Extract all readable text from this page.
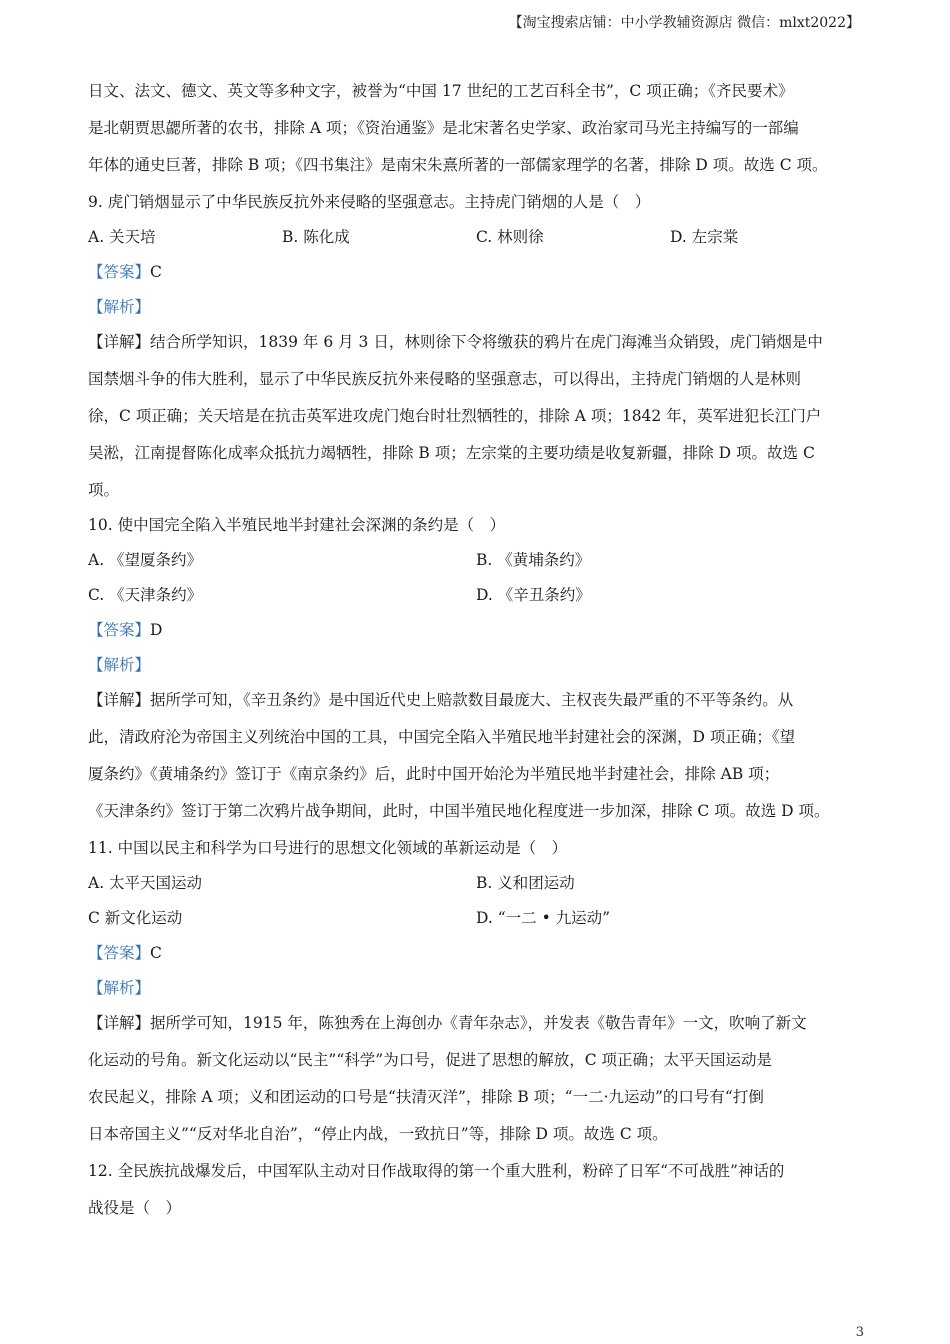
【淘宝搜索店铺：中小学教辅资源店 微信：mlxt2022】
日文、法文、德文、英文等多种文字，被誉为“中国 17 世纪的工艺百科全书”，C 项正确；《齐民要术》
是北朝贾思勰所著的农书，排除 A 项；《资治通鉴》是北宋著名史学家、政治家司马光主持编写的一部编
年体的通史巨著，排除 B 项；《四书集注》是南宋朱熹所著的一部儒家理学的名著，排除 D 项。故选 C 项。
9. 虎门销烟显示了中华民族反抗外来侵略的坚强意志。主持虎门销烟的人是（　）
A. 关天培	B. 陈化成	C. 林则徐	D. 左宗棠
【答案】C
【解析】
【详解】结合所学知识，1839 年 6 月 3 日，林则徐下令将缴获的鸦片在虎门海滩当众销毁，虎门销烟是中
国禁烟斗争的伟大胜利，显示了中华民族反抗外来侵略的坚强意志，可以得出，主持虎门销烟的人是林则
徐，C 项正确；关天培是在抗击英军进攻虎门炮台时壮烈牺牲的，排除 A 项；1842 年，英军进犯长江门户
吴淞，江南提督陈化成率众抵抗力竭牺牲，排除 B 项；左宗棠的主要功绩是收复新疆，排除 D 项。故选 C
项。
10. 使中国完全陷入半殖民地半封建社会深渊的条约是（　）
A. 《望厦条约》	B. 《黄埔条约》
C. 《天津条约》	D. 《辛丑条约》
【答案】D
【解析】
【详解】据所学可知，《辛丑条约》是中国近代史上赔款数目最庞大、主权丧失最严重的不平等条约。从
此，清政府沦为帝国主义列统治中国的工具，中国完全陷入半殖民地半封建社会的深渊，D 项正确；《望
厦条约》《黄埔条约》签订于《南京条约》后，此时中国开始沦为半殖民地半封建社会，排除 AB 项；
《天津条约》签订于第二次鸦片战争期间，此时，中国半殖民地化程度进一步加深，排除 C 项。故选 D 项。
11. 中国以民主和科学为口号进行的思想文化领域的革新运动是（　）
A. 太平天国运动	B. 义和团运动
C 新文化运动	D. “一二 • 九运动”
【答案】C
【解析】
【详解】据所学可知，1915 年，陈独秀在上海创办《青年杂志》，并发表《敬告青年》一文，吹响了新文
化运动的号角。新文化运动以“民主”“科学”为口号，促进了思想的解放，C 项正确；太平天国运动是
农民起义，排除 A 项；义和团运动的口号是“扶清灭洋”，排除 B 项；“一二·九运动”的口号有“打倒
日本帝国主义”“反对华北自治”，“停止内战，一致抗日”等，排除 D 项。故选 C 项。
12. 全民族抗战爆发后，中国军队主动对日作战取得的第一个重大胜利，粉碎了日军“不可战胜”神话的
战役是（　）
3
